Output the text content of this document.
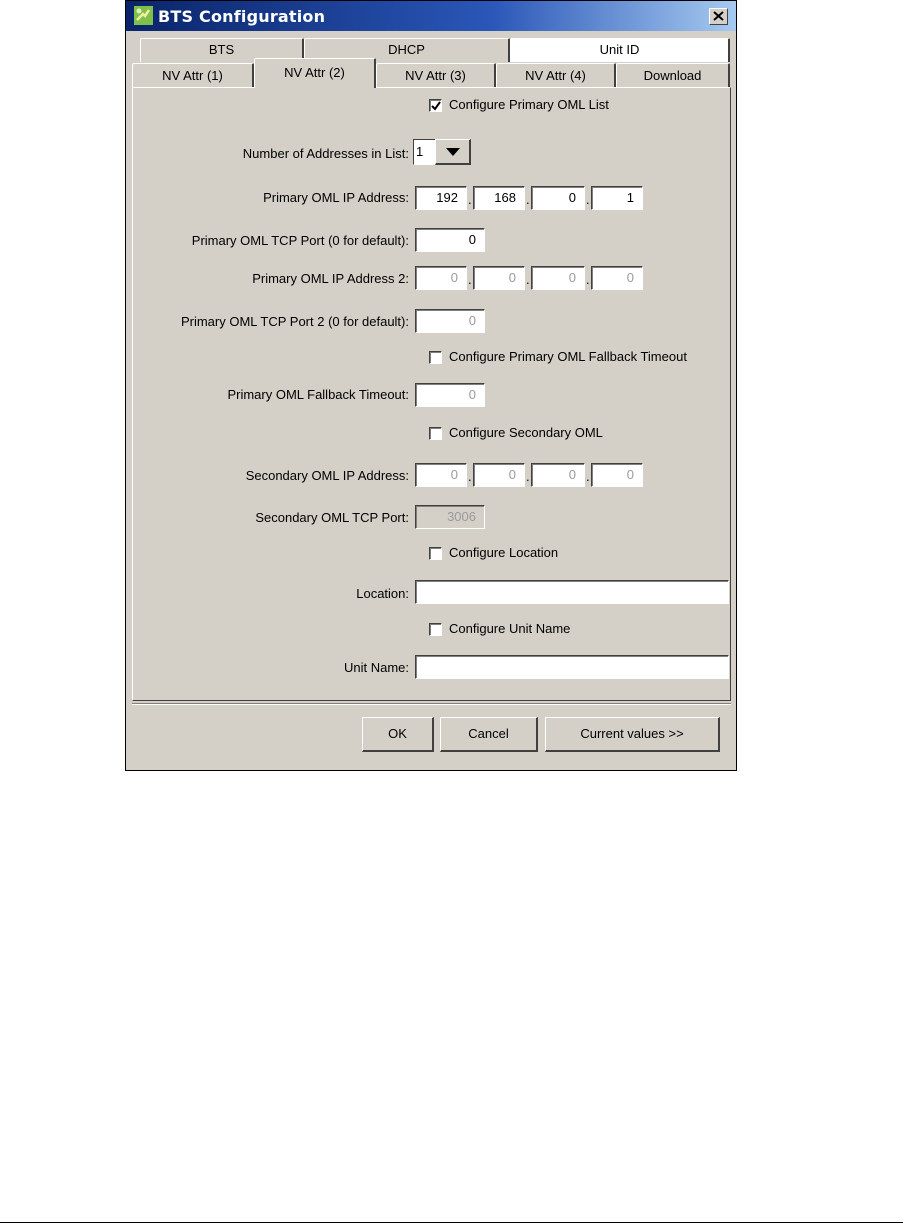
BTS Configuration
BTS	DHCP	Unit ID
NV Attr (1)	NV Attr (2)	NV Attr (3)	NV Attr (4)	Download
Configure Primary OML List
Number of Addresses in List: 1
Primary OML IP Address:	192 .	168 .	0 .	1
Primary OML TCP Port (0 for default):	0
Primary OML IP Address 2:	0 .	0 .	0 .	0
Primary OML TCP Port 2 (0 for default):	0
Configure Primary OML Fallback Timeout
Primary OML Fallback Timeout:	0
Configure Secondary OML
Secondary OML IP Address:	0 .	0 .	0 .	0
Secondary OML TCP Port:	3006
Configure Location
Location:
Configure Unit Name
Unit Name:
OK	Cancel	Current values >>
